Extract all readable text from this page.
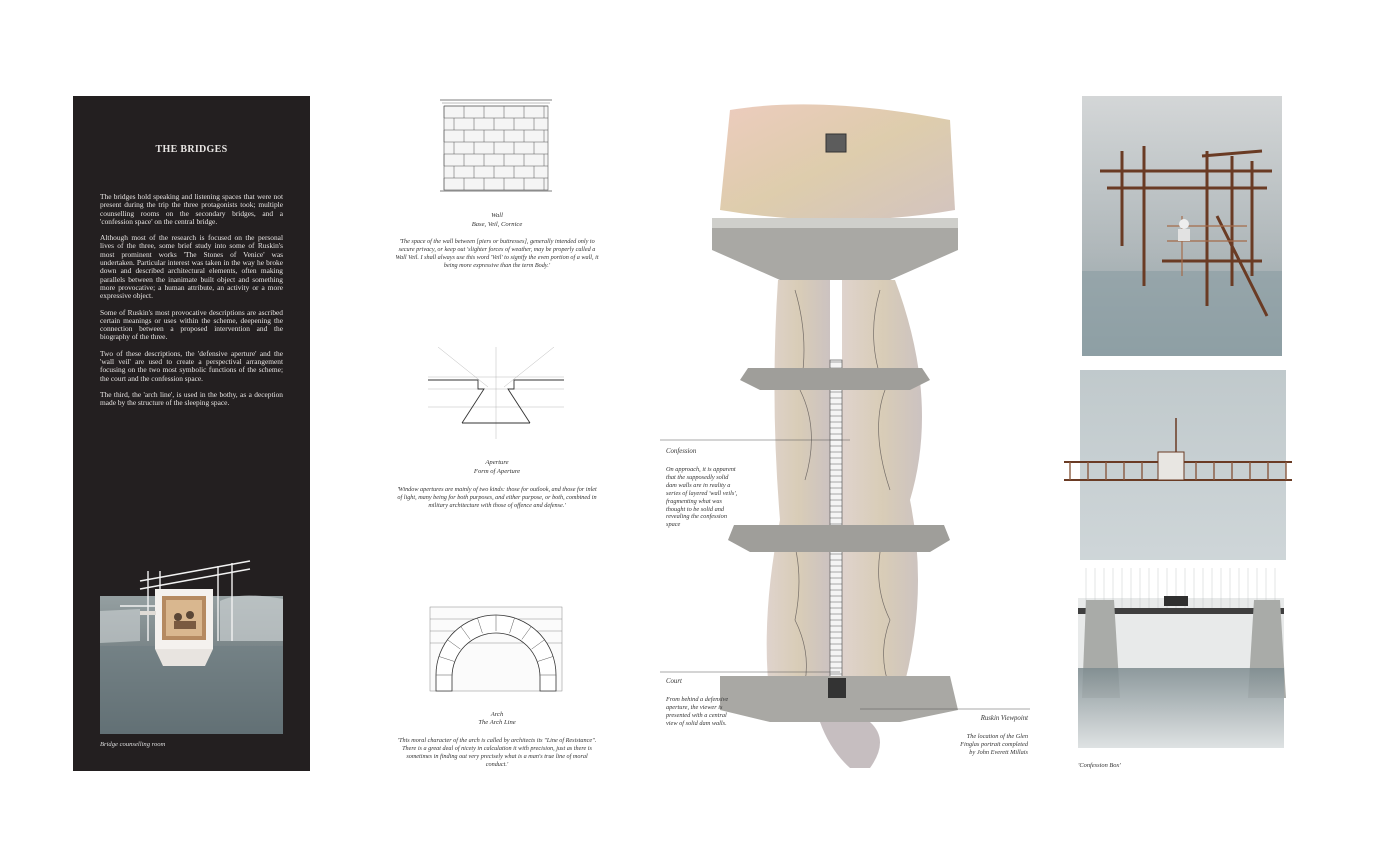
THE BRIDGES

The bridges hold speaking and listening spaces that were not present during the trip the three protagonists took; multiple counselling rooms on the secondary bridges, and a 'confession space' on the central bridge.

Although most of the research is focused on the personal lives of the three, some brief study into some of Ruskin's most prominent works 'The Stones of Venice' was undertaken. Particular interest was taken in the way he broke down and described architectural elements, often making parallels between the inanimate built object and something more provocative; a human attribute, an activity or a more expressive object.

Some of Ruskin's most provocative descriptions are ascribed certain meanings or uses within the scheme, deepening the connection between a proposed intervention and the biography of the three.

Two of these descriptions, the 'defensive aperture' and the 'wall veil' are used to create a perspectival arrangement focusing on the two most symbolic functions of the scheme; the court and the confession space.

The third, the 'arch line', is used in the bothy, as a deception made by the structure of the sleeping space.

Bridge counselling room
Wall
Base, Veil, Cornice
'The space of the wall between [piers or buttresses], generally intended only to secure privacy, or keep out 'slighter forces of weather, may be properly called a Wall Veil. I shall always use this word 'Veil' to signify the even portion of a wall, it being more expressive than the term Body.'
Aperture
Form of Aperture
'Window apertures are mainly of two kinds: those for outlook, and those for inlet of light, many being for both purposes, and either purpose, or both, combined in military architecture with those of offence and defense.'
Arch
The Arch Line
'This moral character of the arch is called by architects its "Line of Resistance". There is a great deal of nicety in calculation it with precision, just as there is sometimes in finding out very precisely what is a man's true line of moral conduct.'
Confession
On approach, it is apparent that the supposedly solid dam walls are in reality a series of layered 'wall veils', fragmenting what was thought to be solid and revealing the confession space
Court
From behind a defensive aperture, the viewer is presented with a central view of solid dam walls.
Ruskin Viewpoint
The location of the Glen Finglas portrait completed by John Everett Millais
'Confession Box'
